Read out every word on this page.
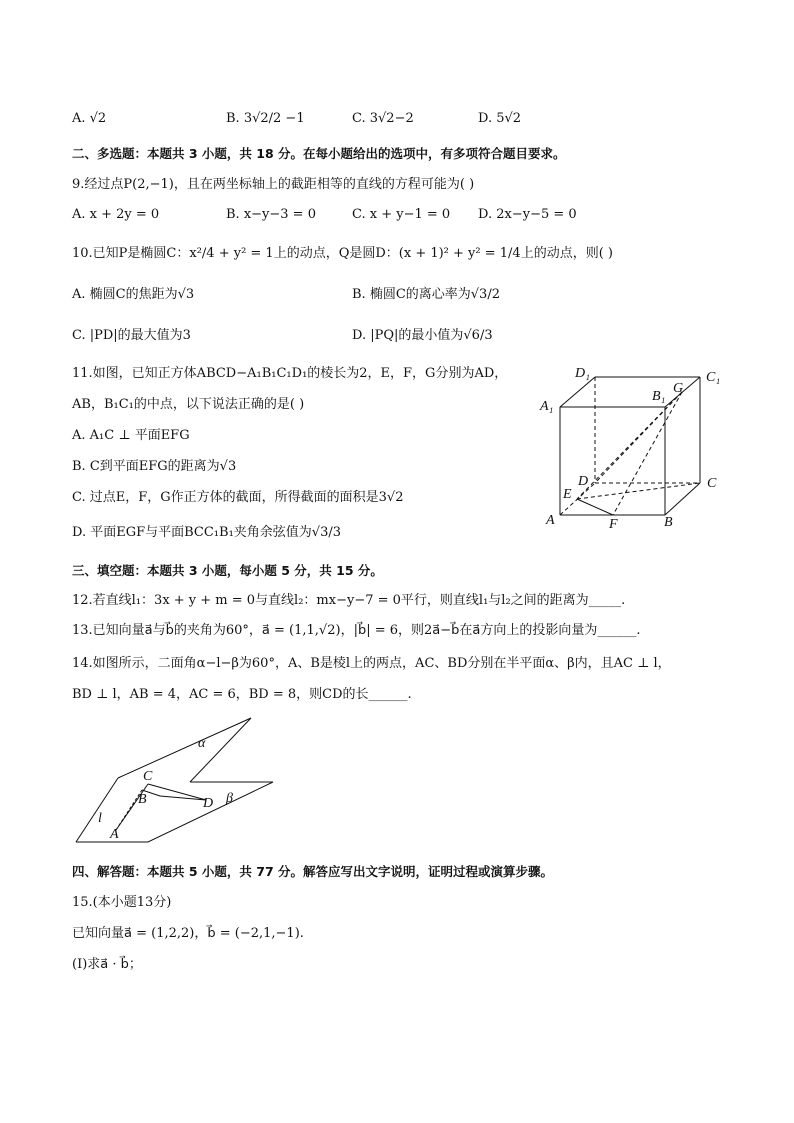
A. √2	B. 3√2/2 −1	C. 3√2−2	D. 5√2
二、多选题：本题共 3 小题，共 18 分。在每小题给出的选项中，有多项符合题目要求。
9.经过点P(2,−1)，且在两坐标轴上的截距相等的直线的方程可能为( )
A. x + 2y = 0	B. x−y−3 = 0	C. x + y−1 = 0 D. 2x−y−5 = 0
10.已知P是椭圆C：x²/4 + y² = 1上的动点，Q是圆D：(x + 1)² + y² = 1/4上的动点，则( )
A. 椭圆C的焦距为√3	B. 椭圆C的离心率为√3/2
C. |PD|的最大值为3	D. |PQ|的最小值为√6/3
11.如图，已知正方体ABCD−A₁B₁C₁D₁的棱长为2，E，F，G分别为AD，
AB，B₁C₁的中点，以下说法正确的是( )
A. A₁C ⊥ 平面EFG
B. C到平面EFG的距离为√3
C. 过点E，F，G作正方体的截面，所得截面的面积是3√2
D. 平面EGF与平面BCC₁B₁夹角余弦值为√3/3
D₁	C₁
A₁
B₁
G
D	C
E
A	F	B
三、填空题：本题共 3 小题，每小题 5 分，共 15 分。
12.若直线l₁：3x + y + m = 0与直线l₂：mx−y−7 = 0平行，则直线l₁与l₂之间的距离为_____.
13.已知向量a⃗与b⃗的夹角为60°，a⃗ = (1,1,√2)，|b⃗| = 6，则2a⃗−b⃗在a⃗方向上的投影向量为______.
14.如图所示，二面角α−l−β为60°，A、B是棱l上的两点，AC、BD分别在半平面α、β内，且AC ⊥ l，
BD ⊥ l，AB = 4，AC = 6，BD = 8，则CD的长______.
α
β
C
B	D
l
A
四、解答题：本题共 5 小题，共 77 分。解答应写出文字说明，证明过程或演算步骤。
15.(本小题13分)
已知向量a⃗ = (1,2,2)，b⃗ = (−2,1,−1).
(Ⅰ)求a⃗ · b⃗；
